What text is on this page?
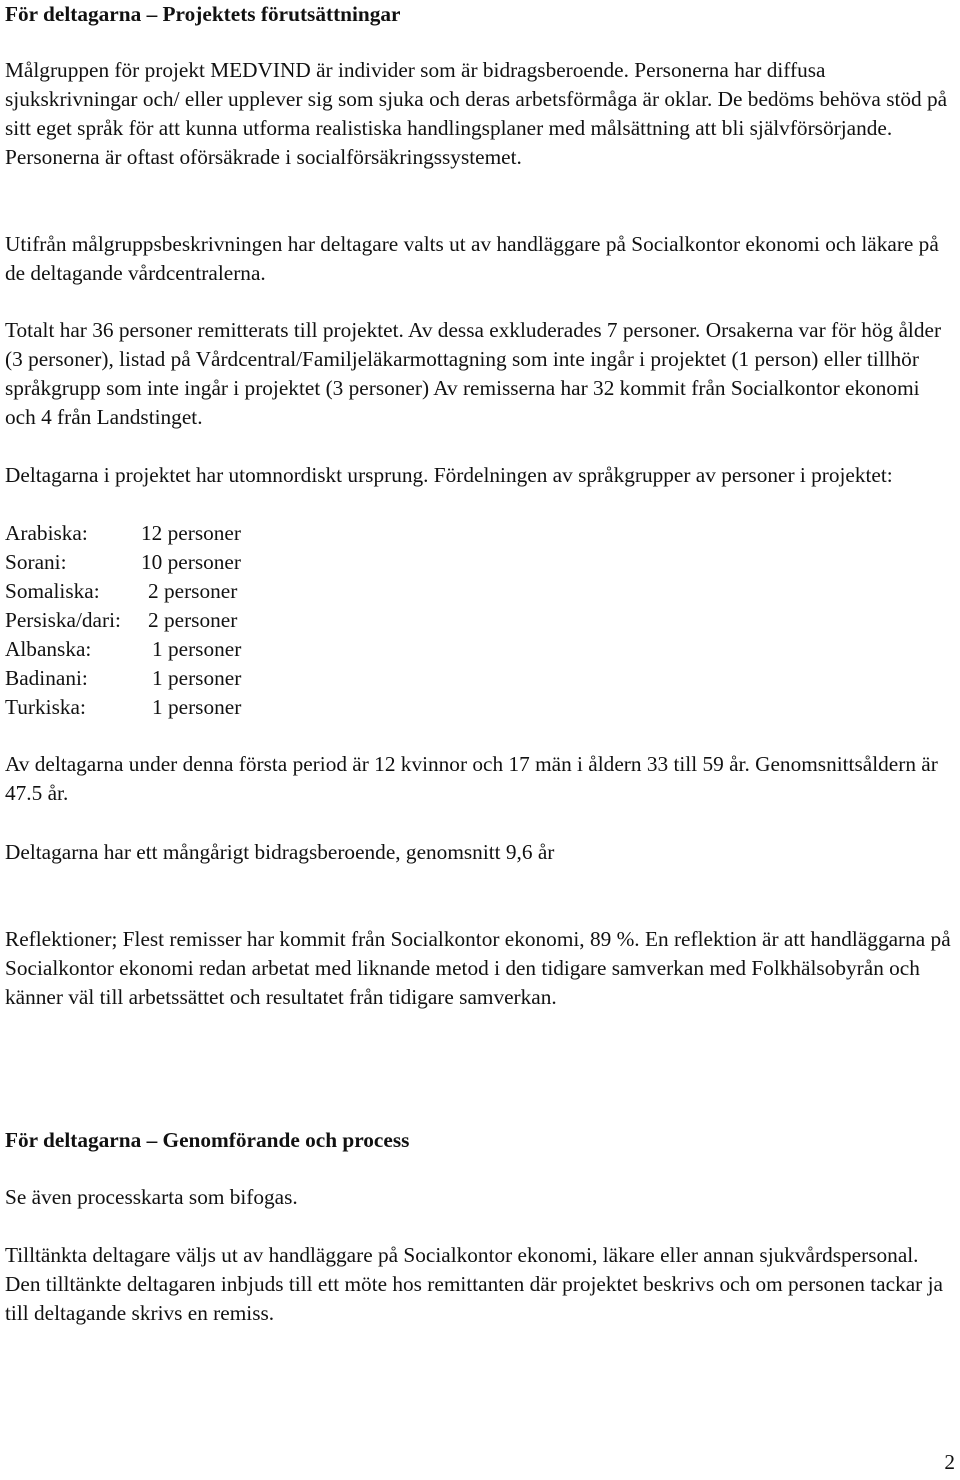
För deltagarna – Projektets förutsättningar
Målgruppen för projekt MEDVIND är individer som är bidragsberoende. Personerna har diffusa sjukskrivningar och/ eller upplever sig som sjuka och deras arbetsförmåga är oklar. De bedöms behöva stöd på sitt eget språk för att kunna utforma realistiska handlingsplaner med målsättning att bli självförsörjande. Personerna är oftast oförsäkrade i socialförsäkringssystemet.
Utifrån målgruppsbeskrivningen har deltagare valts ut av handläggare på Socialkontor ekonomi och läkare på de deltagande vårdcentralerna.
Totalt har 36 personer remitterats till projektet. Av dessa exkluderades 7 personer. Orsakerna var för hög ålder (3 personer), listad på Vårdcentral/Familjeläkarmottagning som inte ingår i projektet (1 person) eller tillhör språkgrupp som inte ingår i projektet (3 personer) Av remisserna har 32 kommit från Socialkontor ekonomi och 4 från Landstinget.
Deltagarna i projektet har utomnordiskt ursprung. Fördelningen av språkgrupper av personer i projektet:
Arabiska: 12 personer
Sorani:	10 personer
Somaliska: 2 personer
Persiska/dari: 2 personer
Albanska:	1 personer
Badinani:	1 personer
Turkiska:	1 personer
Av deltagarna under denna första period är 12 kvinnor och 17 män i åldern 33 till 59 år. Genomsnittsåldern är 47.5 år.
Deltagarna har ett mångårigt bidragsberoende, genomsnitt 9,6 år
Reflektioner; Flest remisser har kommit från Socialkontor ekonomi, 89 %. En reflektion är att handläggarna på Socialkontor ekonomi redan arbetat med liknande metod i den tidigare samverkan med Folkhälsobyrån och känner väl till arbetssättet och resultatet från tidigare samverkan.
För deltagarna – Genomförande och process
Se även processkarta som bifogas.
Tilltänkta deltagare väljs ut av handläggare på Socialkontor ekonomi, läkare eller annan sjukvårdspersonal. Den tilltänkte deltagaren inbjuds till ett möte hos remittanten där projektet beskrivs och om personen tackar ja till deltagande skrivs en remiss.
2
